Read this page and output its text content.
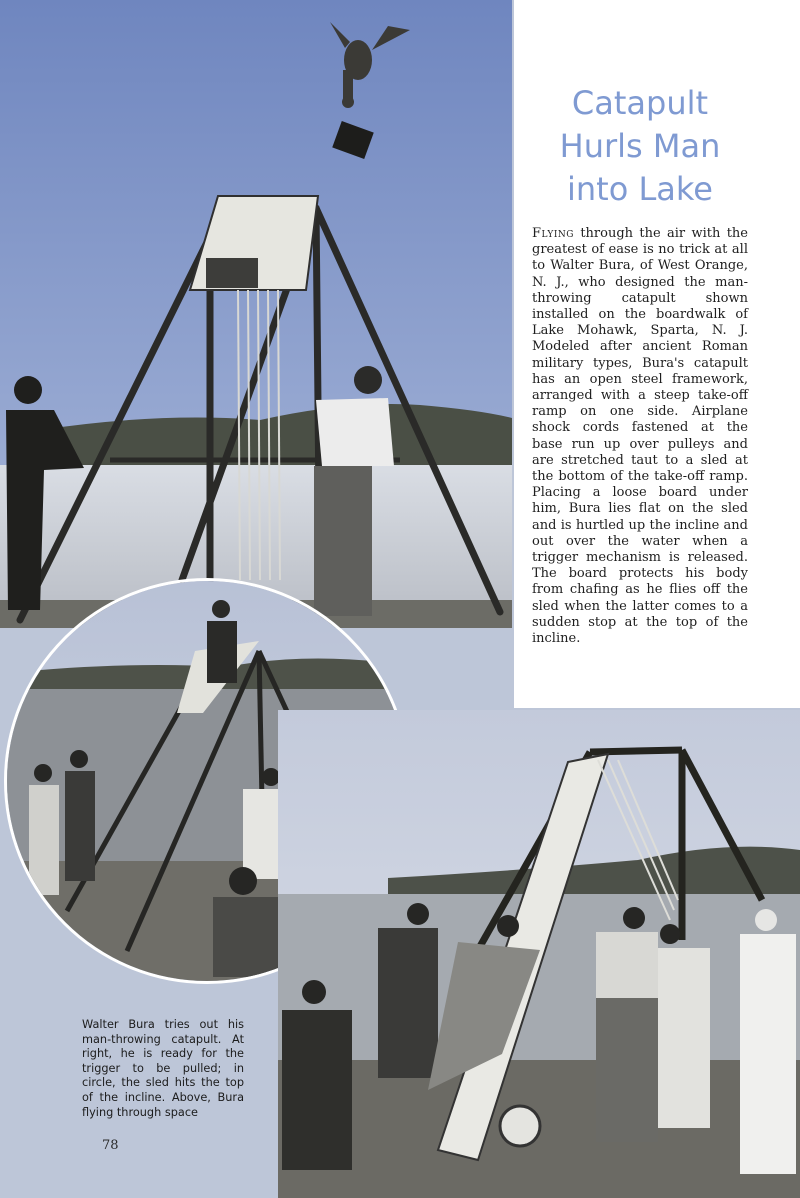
Catapult
Hurls Man
into Lake

Flying through the air with the greatest of ease is no trick at all to Walter Bura, of West Orange, N. J., who designed the man-throwing catapult shown installed on the boardwalk of Lake Mohawk, Sparta, N. J. Modeled after ancient Roman military types, Bura's catapult has an open steel framework, arranged with a steep take-off ramp on one side. Airplane shock cords fastened at the base run up over pulleys and are stretched taut to a sled at the bottom of the take-off ramp. Placing a loose board under him, Bura lies flat on the sled and is hurtled up the incline and out over the water when a trigger mechanism is released. The board protects his body from chafing as he flies off the sled when the latter comes to a sudden stop at the top of the incline.

Walter Bura tries out his man-throwing catapult. At right, he is ready for the trigger to be pulled; in circle, the sled hits the top of the incline. Above, Bura flying through space

78
